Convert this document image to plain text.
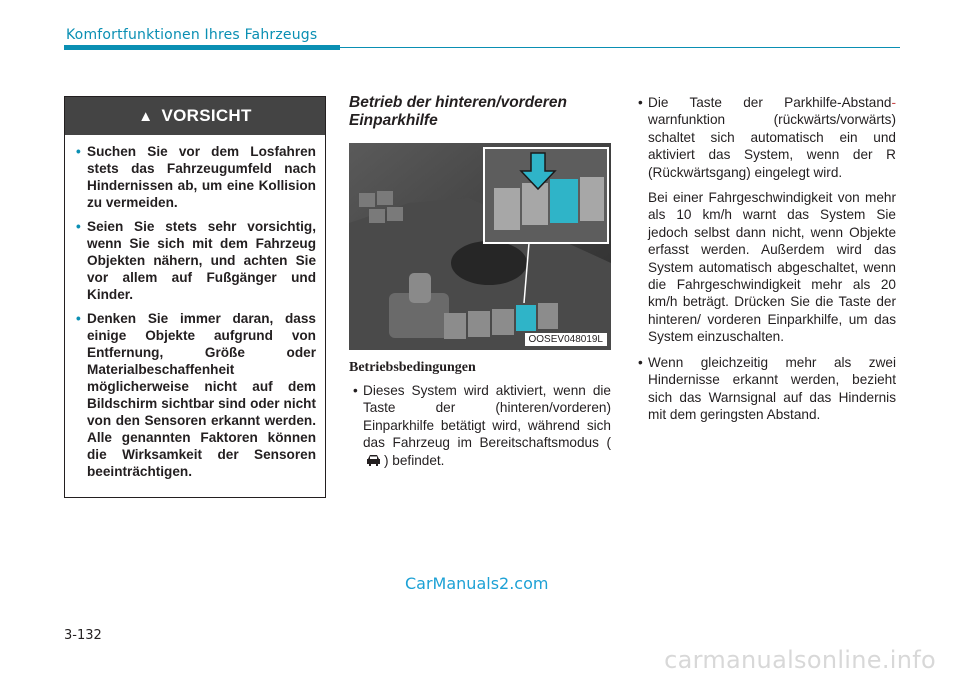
Komfortfunktionen Ihres Fahrzeugs
▲ VORSICHT
• Suchen Sie vor dem Losfahren stets das Fahrzeugumfeld nach Hindernissen ab, um eine Kollision zu vermeiden.
• Seien Sie stets sehr vorsichtig, wenn Sie sich mit dem Fahrzeug Objekten nähern, und achten Sie vor allem auf Fußgänger und Kinder.
• Denken Sie immer daran, dass einige Objekte aufgrund von Entfernung, Größe oder Materialbeschaffenheit möglicherweise nicht auf dem Bildschirm sichtbar sind oder nicht von den Sensoren erkannt werden. Alle genannten Faktoren können die Wirksamkeit der Sensoren beeinträchtigen.

Betrieb der hinteren/vorderen Einparkhilfe

OOSEV048019L
Betriebsbedingungen
• Dieses System wird aktiviert, wenn die Taste der (hinteren/vorderen) Einparkhilfe betätigt wird, während sich das Fahrzeug im Bereitschaftsmodus () befindet.
• Die Taste der Parkhilfe-Abstand- warnfunktion (rückwärts/vorwärts) schaltet sich automatisch ein und aktiviert das System, wenn der R (Rückwärtsgang) eingelegt wird.

Bei einer Fahrgeschwindigkeit von mehr als 10 km/h warnt das System Sie jedoch selbst dann nicht, wenn Objekte erfasst werden. Außerdem wird das System automatisch abgeschaltet, wenn die Fahrgeschwindigkeit mehr als 20 km/h beträgt. Drücken Sie die Taste der hinteren/ vorderen Einparkhilfe, um das System einzuschalten.

• Wenn gleichzeitig mehr als zwei Hindernisse erkannt werden, bezieht sich das Warnsignal auf das Hindernis mit dem geringsten Abstand.
CarManuals2.com
3-132
carmanualsonline.info
